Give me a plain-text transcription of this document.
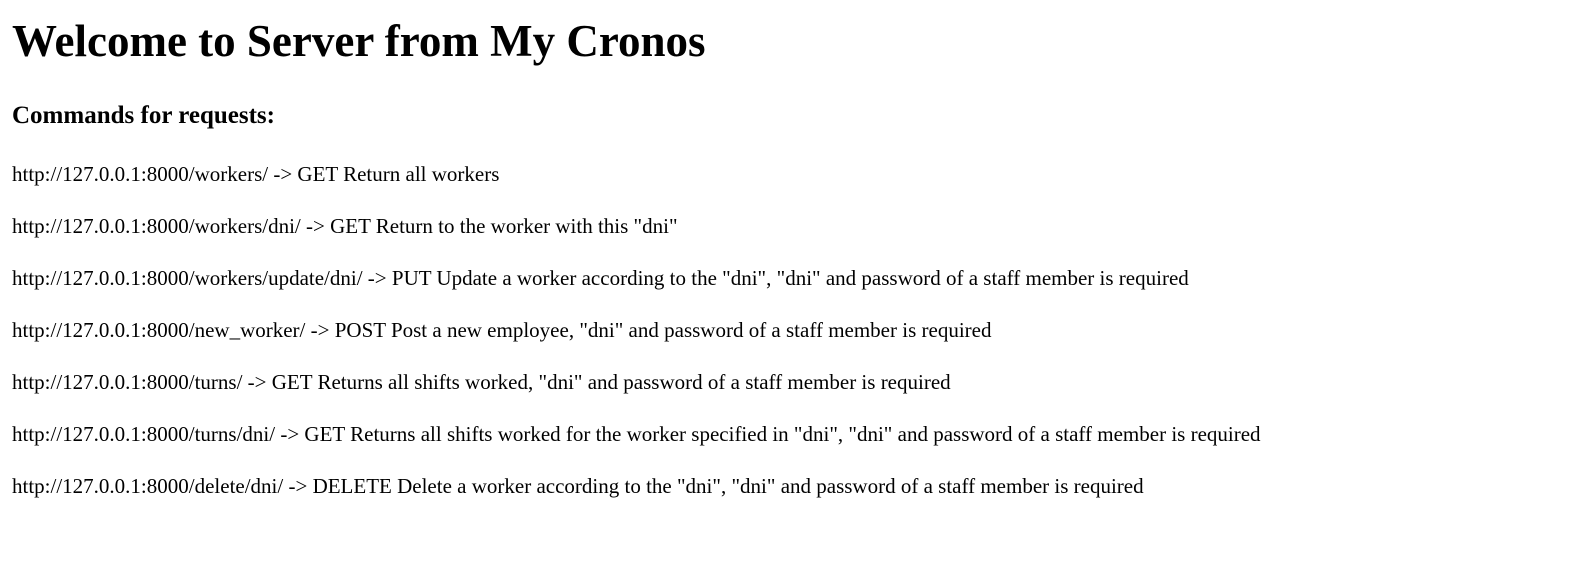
Welcome to Server from My Cronos
Commands for requests:

http://127.0.0.1:8000/workers/ -> GET Return all workers

http://127.0.0.1:8000/workers/dni/ -> GET Return to the worker with this "dni"

http://127.0.0.1:8000/workers/update/dni/ -> PUT Update a worker according to the "dni", "dni" and password of a staff member is required

http://127.0.0.1:8000/new_worker/ -> POST Post a new employee, "dni" and password of a staff member is required

http://127.0.0.1:8000/turns/ -> GET Returns all shifts worked, "dni" and password of a staff member is required

http://127.0.0.1:8000/turns/dni/ -> GET Returns all shifts worked for the worker specified in "dni", "dni" and password of a staff member is required

http://127.0.0.1:8000/delete/dni/ -> DELETE Delete a worker according to the "dni", "dni" and password of a staff member is required
